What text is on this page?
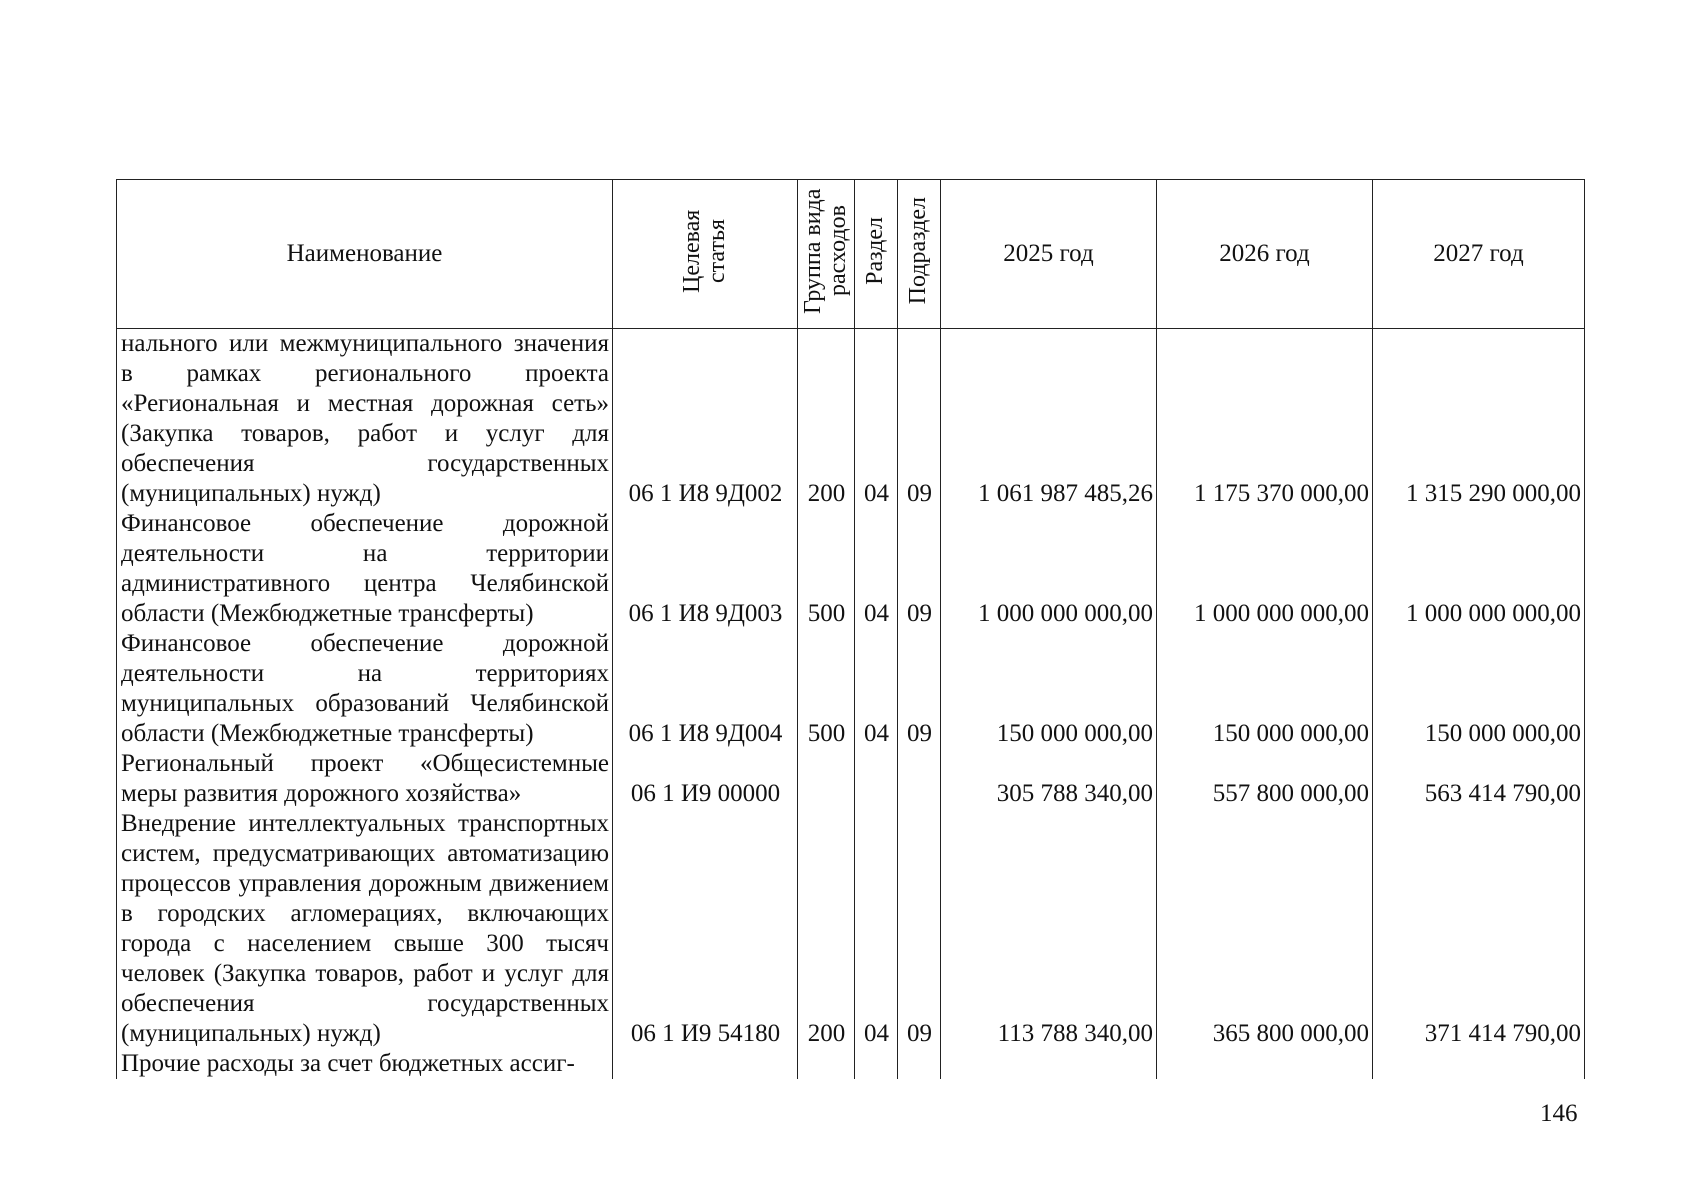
Наименование	Целевая статья	Группа вида расходов	Раздел	Подраздел	2025 год	2026 год	2027 год
нального или межмуниципального значения в рамках регионального проекта «Региональная и местная дорожная сеть» (Закупка товаров, работ и услуг для обеспечения государственных (муниципальных) нужд)	06 1 И8 9Д002	200	04	09	1 061 987 485,26	1 175 370 000,00	1 315 290 000,00
Финансовое обеспечение дорожной деятельности на территории административного центра Челябинской области (Межбюджетные трансферты)	06 1 И8 9Д003	500	04	09	1 000 000 000,00	1 000 000 000,00	1 000 000 000,00
Финансовое обеспечение дорожной деятельности на территориях муниципальных образований Челябинской области (Межбюджетные трансферты)	06 1 И8 9Д004	500	04	09	150 000 000,00	150 000 000,00	150 000 000,00
Региональный проект «Общесистемные меры развития дорожного хозяйства»	06 1 И9 00000				305 788 340,00	557 800 000,00	563 414 790,00
Внедрение интеллектуальных транспортных систем, предусматривающих автоматизацию процессов управления дорожным движением в городских агломерациях, включающих города с населением свыше 300 тысяч человек (Закупка товаров, работ и услуг для обеспечения государственных (муниципальных) нужд)	06 1 И9 54180	200	04	09	113 788 340,00	365 800 000,00	371 414 790,00
Прочие расходы за счет бюджетных ассиг-							
146
